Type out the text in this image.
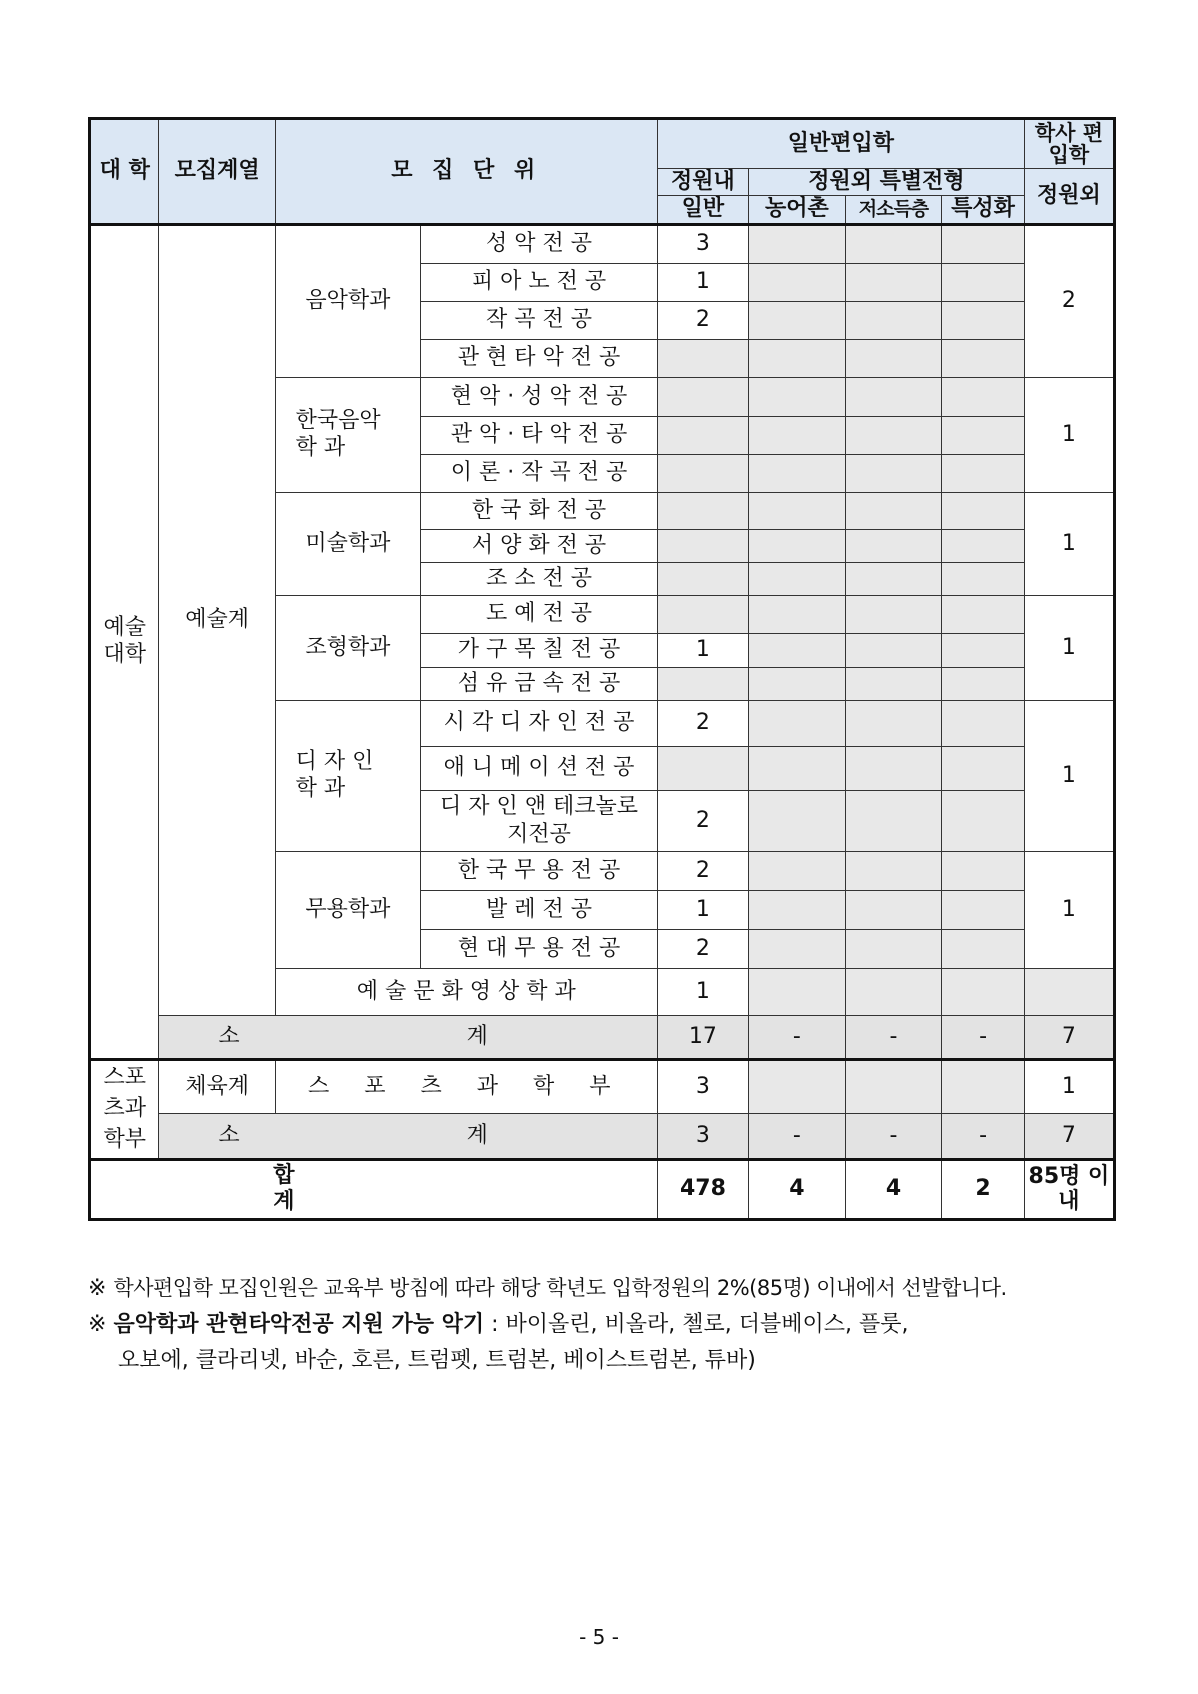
대 학	모집계열	모 집 단 위		일반편입학				학사 편입학
				정원내	정원외 특별전형			정원외
				일반	농어촌	저소득층	특성화	
예술 대학	예술계	음악학과	성 악 전 공	3				2
			피 아 노 전 공	1				
			작 곡 전 공	2				
			관 현 타 악 전 공					
		한국음악 학 과	현 악 · 성 악 전 공					1
			관 악 · 타 악 전 공					
			이 론 · 작 곡 전 공					
		미술학과	한 국 화 전 공					1
			서 양 화 전 공					
			조 소 전 공					
		조형학과	도 예 전 공					1
			가 구 목 칠 전 공	1				
			섬 유 금 속 전 공					
		디 자 인 학 과	시 각 디 자 인 전 공	2				1
			애 니 메 이 션 전 공					
			디 자 인 앤 테크놀로지전공	2				
		무용학과	한 국 무 용 전 공	2				1
			발 레 전 공	1				
			현 대 무 용 전 공	2				
		예 술 문 화 영 상 학 과		1				
	소 계			17	-	-	-	7
스포 츠과 학부	체육계	스 포 츠 과 학 부		3				1
	소 계			3	-	-	-	7
합 계				478	4	4	2	85명 이내
※ 학사편입학 모집인원은 교육부 방침에 따라 해당 학년도 입학정원의 2%(85명) 이내에서 선발합니다.
※ 음악학과 관현타악전공 지원 가능 악기 : 바이올린, 비올라, 첼로, 더블베이스, 플룻,
오보에, 클라리넷, 바순, 호른, 트럼펫, 트럼본, 베이스트럼본, 튜바)
- 5 -
